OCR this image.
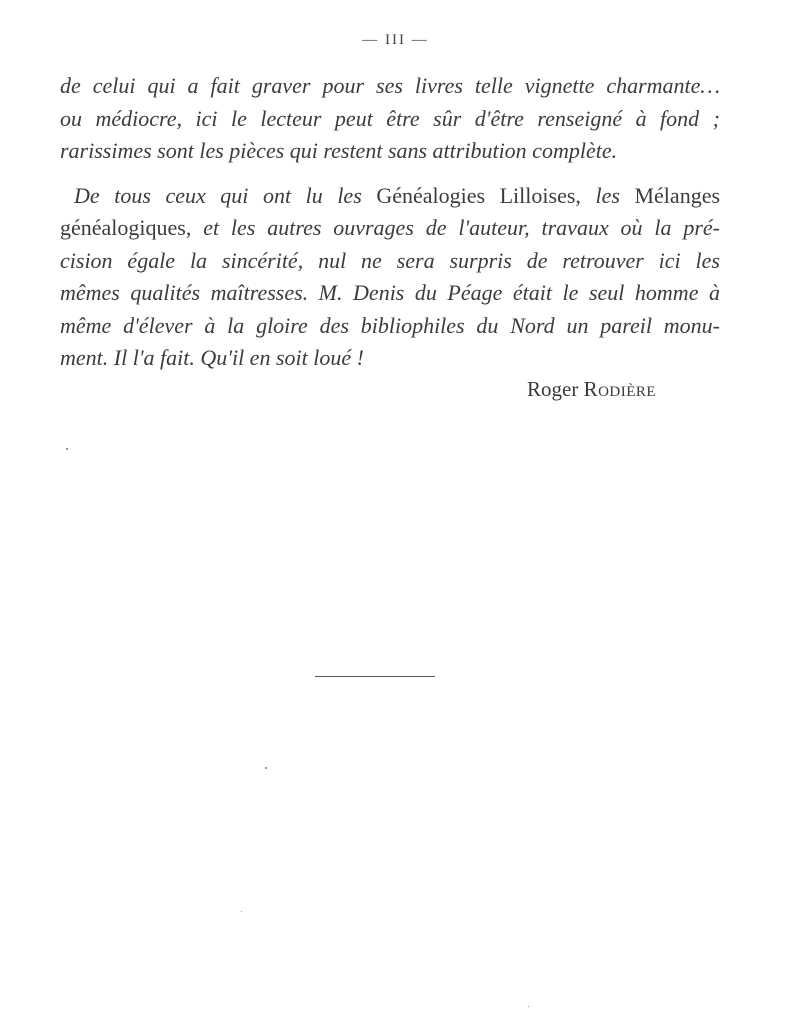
— III —
de celui qui a fait graver pour ses livres telle vignette charmante…
ou médiocre, ici le lecteur peut être sûr d'être renseigné à fond ;
rarissimes sont les pièces qui restent sans attribution complète.
De tous ceux qui ont lu les Généalogies Lilloises, les Mélanges
généalogiques, et les autres ouvrages de l'auteur, travaux où la pré-
cision égale la sincérité, nul ne sera surpris de retrouver ici les
mêmes qualités maîtresses. M. Denis du Péage était le seul homme à
même d'élever à la gloire des bibliophiles du Nord un pareil monu-
ment. Il l'a fait. Qu'il en soit loué !
Roger Rodière
